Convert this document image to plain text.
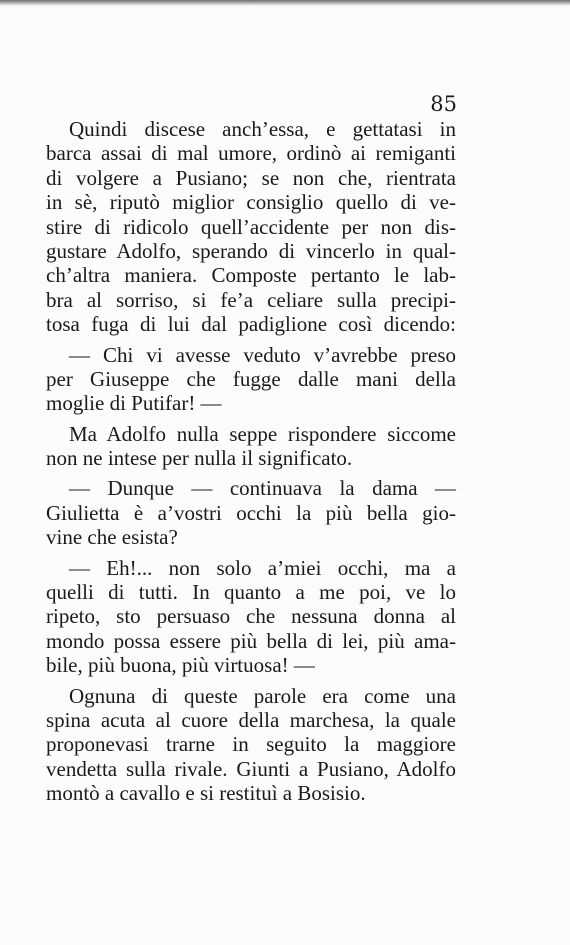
85

Quindi discese anch’essa, e gettatasi in
barca assai di mal umore, ordinò ai remiganti
di volgere a Pusiano; se non che, rientrata
in sè, riputò miglior consiglio quello di ve-
stire di ridicolo quell’accidente per non dis-
gustare Adolfo, sperando di vincerlo in qual-
ch’altra maniera. Composte pertanto le lab-
bra al sorriso, si fe’a celiare sulla precipi-
tosa fuga di lui dal padiglione così dicendo:

— Chi vi avesse veduto v’avrebbe preso
per Giuseppe che fugge dalle mani della
moglie di Putifar! —

Ma Adolfo nulla seppe rispondere siccome
non ne intese per nulla il significato.

— Dunque — continuava la dama —
Giulietta è a’vostri occhi la più bella gio-
vine che esista?

— Eh!... non solo a’miei occhi, ma a
quelli di tutti. In quanto a me poi, ve lo
ripeto, sto persuaso che nessuna donna al
mondo possa essere più bella di lei, più ama-
bile, più buona, più virtuosa! —

Ognuna di queste parole era come una
spina acuta al cuore della marchesa, la quale
proponevasi trarne in seguito la maggiore
vendetta sulla rivale. Giunti a Pusiano, Adolfo
montò a cavallo e si restituì a Bosisio.
